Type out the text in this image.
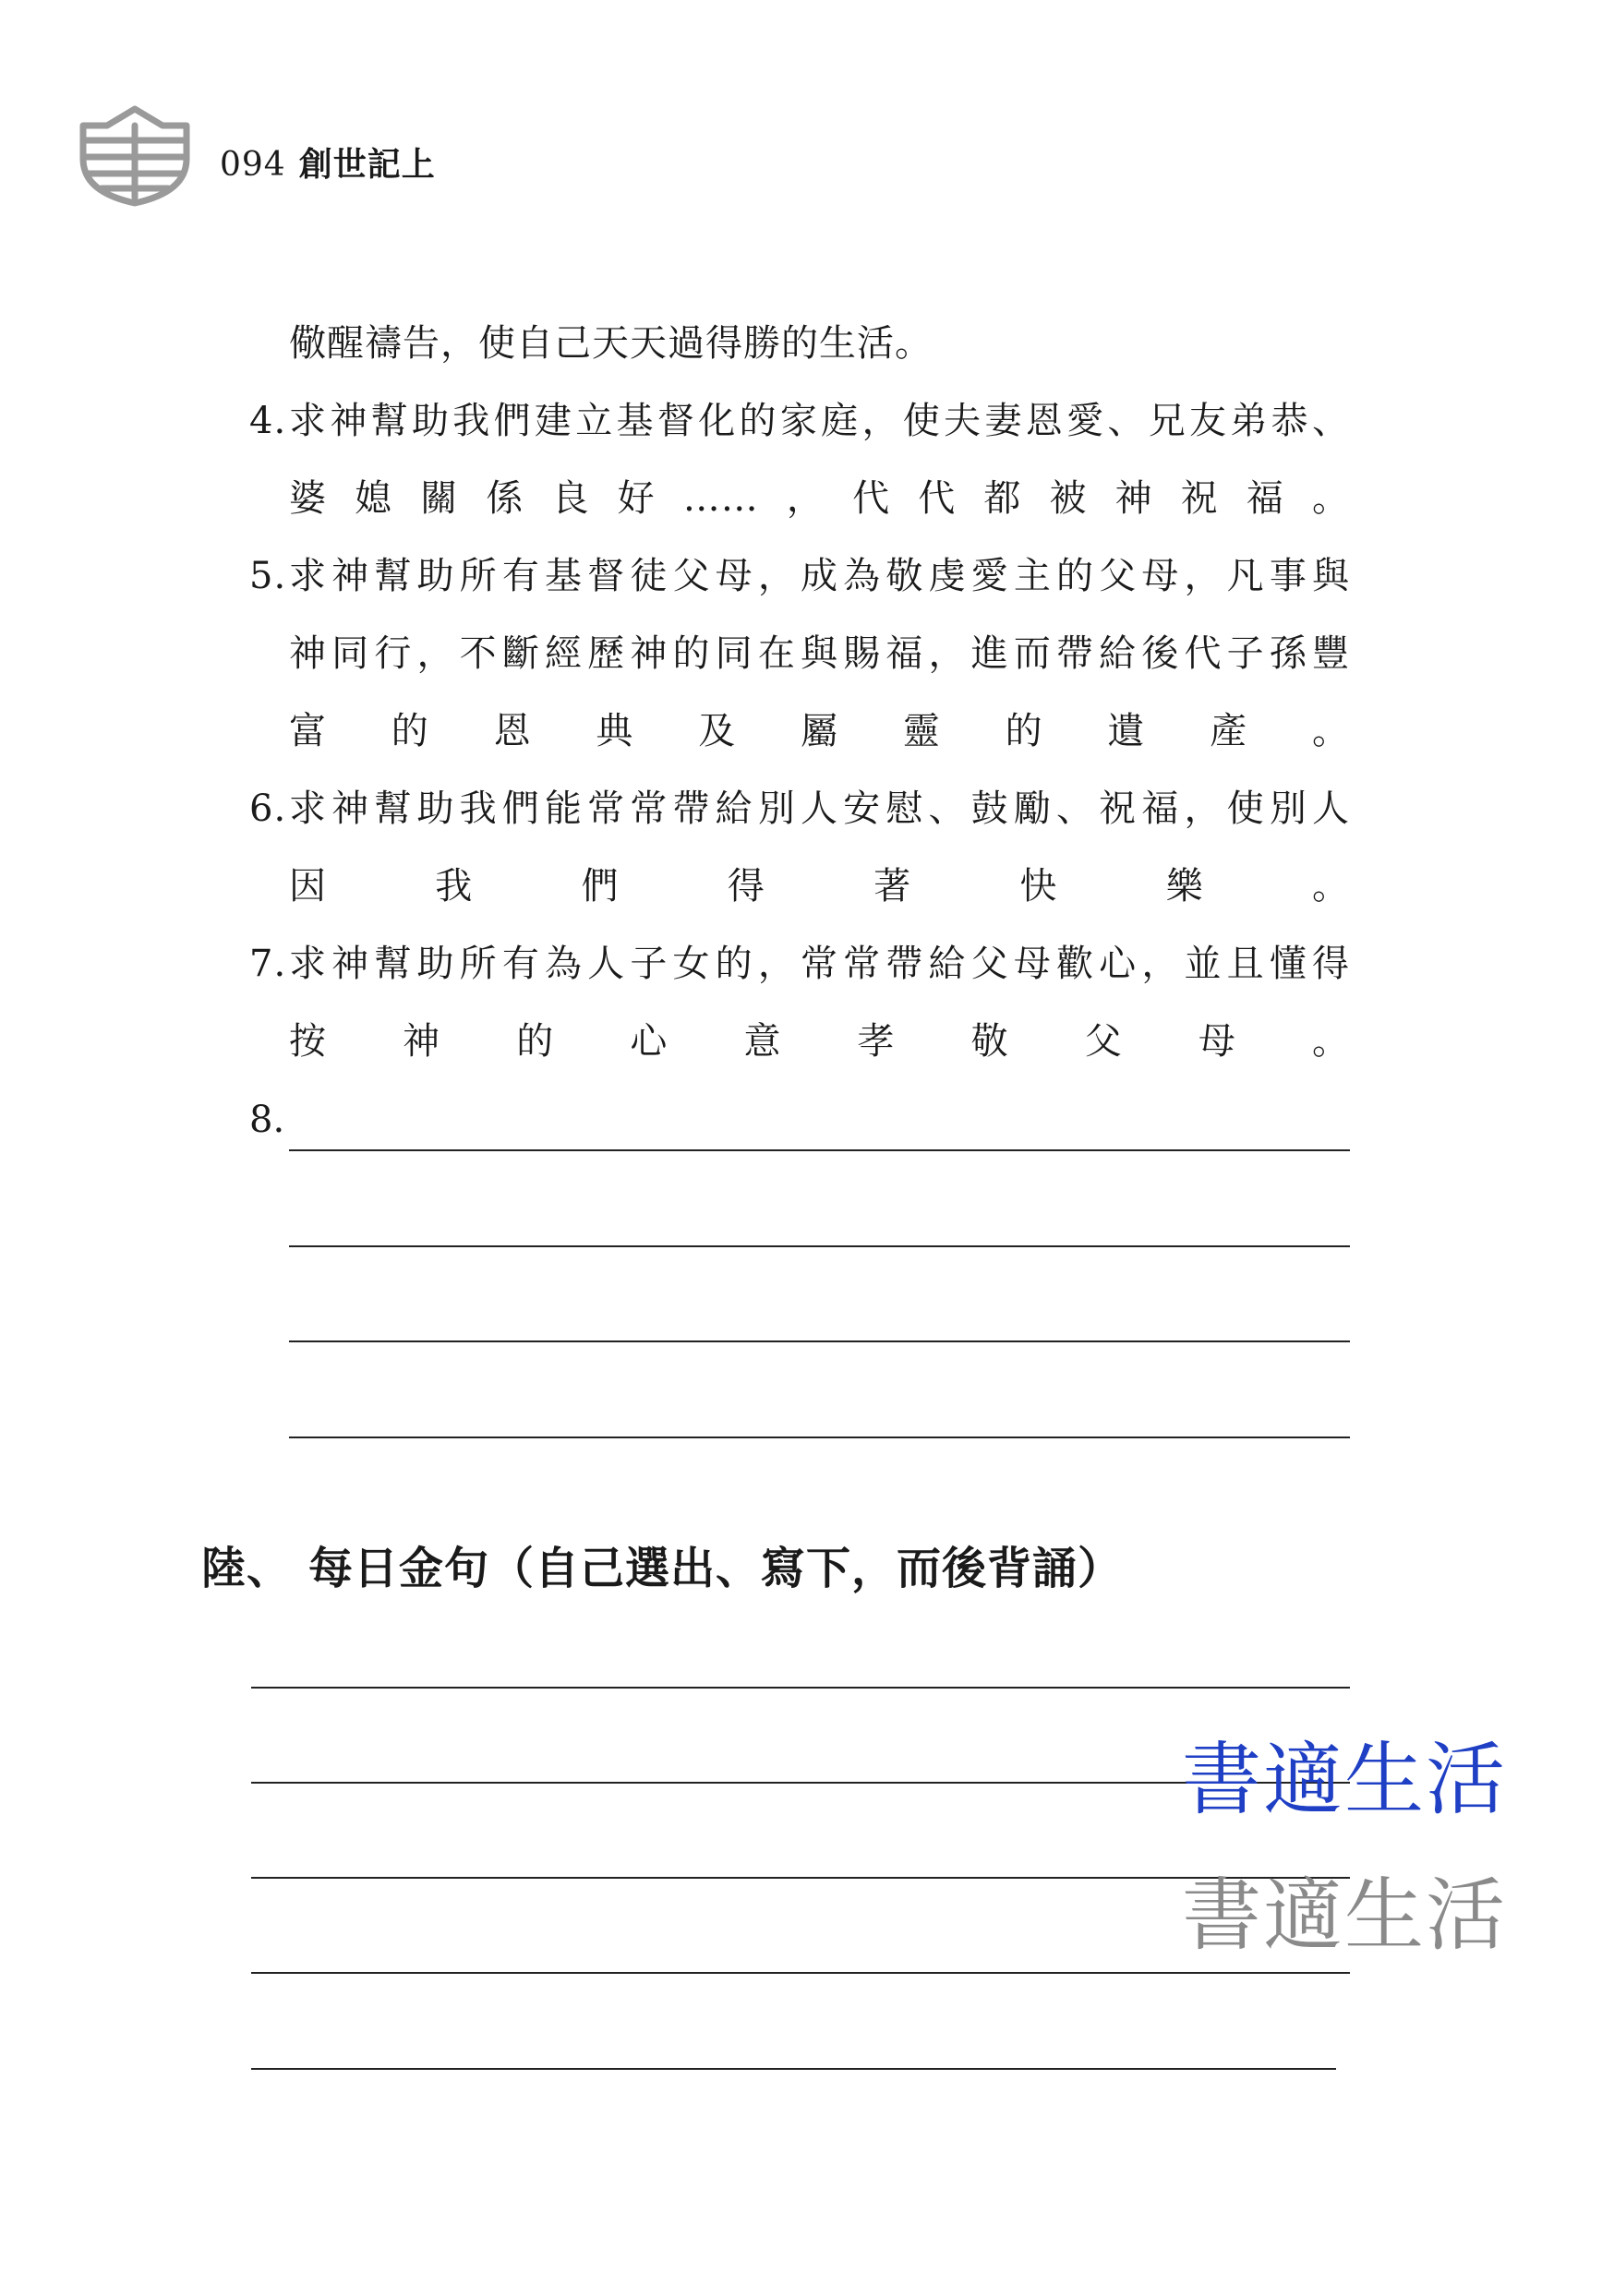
094 創世記上
儆醒禱告，使自己天天過得勝的生活。
4. 求神幫助我們建立基督化的家庭，使夫妻恩愛、兄友弟恭、
婆媳關係良好……，代代都被神祝福。
5. 求神幫助所有基督徒父母，成為敬虔愛主的父母，凡事與
神同行，不斷經歷神的同在與賜福，進而帶給後代子孫豐
富的恩典及屬靈的遺產。
6. 求神幫助我們能常常帶給別人安慰、鼓勵、祝福，使別人
因我們得著快樂。
7. 求神幫助所有為人子女的，常常帶給父母歡心，並且懂得
按神的心意孝敬父母。
8.
陸、 每日金句（自己選出、寫下，而後背誦）
書適生活
書適生活
